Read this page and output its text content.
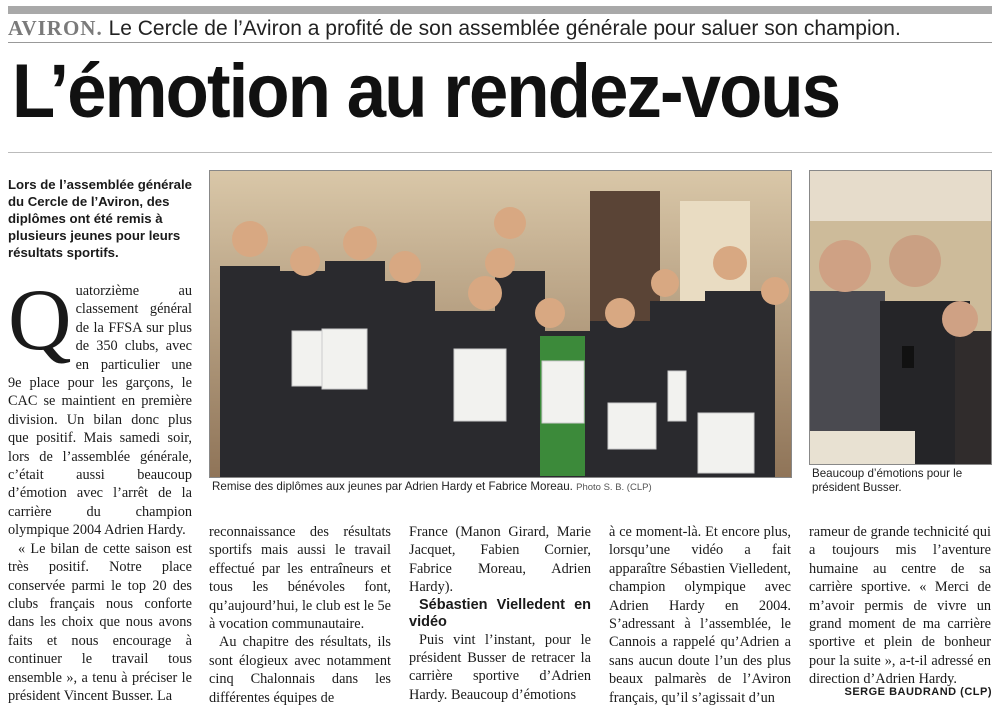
AVIRON. Le Cercle de l’Aviron a profité de son assemblée générale pour saluer son champion.
L’émotion au rendez-vous
Lors de l’assemblée générale du Cercle de l’Aviron, des diplômes ont été remis à plusieurs jeunes pour leurs résultats sportifs.
Remise des diplômes aux jeunes par Adrien Hardy et Fabrice Moreau. Photo S. B. (CLP)
Beaucoup d’émotions pour le président Busser.

Quatorzième au classement général de la FFSA sur plus de 350 clubs, avec en particulier une 9e place pour les garçons, le CAC se maintient en première division. Un bilan donc plus que positif. Mais samedi soir, lors de l’assemblée générale, c’était aussi beaucoup d’émotion avec l’arrêt de la carrière du champion olympique 2004 Adrien Hardy.

« Le bilan de cette saison est très positif. Notre place conservée parmi le top 20 des clubs français nous conforte dans les choix que nous avons faits et nous encourage à continuer le travail tous ensemble », a tenu à préciser le président Vincent Busser. La

reconnaissance des résultats sportifs mais aussi le travail effectué par les entraîneurs et tous les bénévoles font, qu’aujourd’hui, le club est le 5e à vocation communautaire.

Au chapitre des résultats, ils sont élogieux avec notamment cinq Chalonnais dans les différentes équipes de

France (Manon Girard, Marie Jacquet, Fabien Cornier, Fabrice Moreau, Adrien Hardy).

Sébastien Vielledent en vidéo

Puis vint l’instant, pour le président Busser de retracer la carrière sportive d’Adrien Hardy. Beaucoup d’émotions

à ce moment-là. Et encore plus, lorsqu’une vidéo a fait apparaître Sébastien Vielledent, champion olympique avec Adrien Hardy en 2004. S’adressant à l’assemblée, le Cannois a rappelé qu’Adrien a sans aucun doute l’un des plus beaux palmarès de l’Aviron français, qu’il s’agissait d’un

rameur de grande technicité qui a toujours mis l’aventure humaine au centre de sa carrière sportive. « Merci de m’avoir permis de vivre un grand moment de ma carrière sportive et plein de bonheur pour la suite », a-t-il adressé en direction d’Adrien Hardy.

SERGE BAUDRAND (CLP)
